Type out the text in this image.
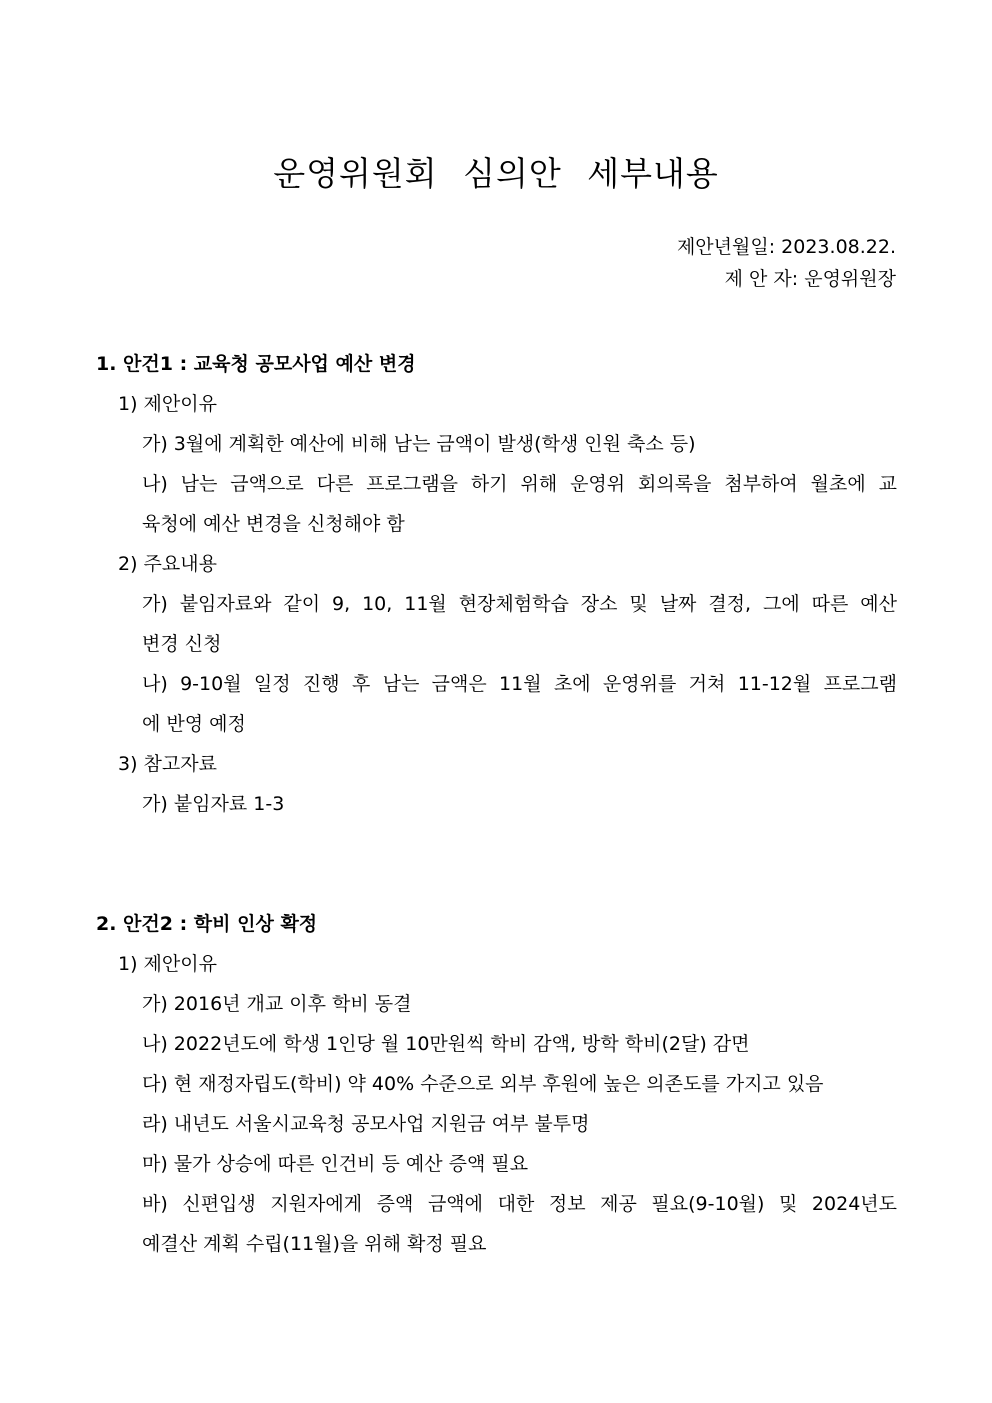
운영위원회 심의안 세부내용
제안년월일: 2023.08.22.
제 안 자: 운영위원장
1. 안건1 : 교육청 공모사업 예산 변경
1) 제안이유
가) 3월에 계획한 예산에 비해 남는 금액이 발생(학생 인원 축소 등)
나) 남는 금액으로 다른 프로그램을 하기 위해 운영위 회의록을 첨부하여 월초에 교
육청에 예산 변경을 신청해야 함
2) 주요내용
가) 붙임자료와 같이 9, 10, 11월 현장체험학습 장소 및 날짜 결정, 그에 따른 예산
변경 신청
나) 9-10월 일정 진행 후 남는 금액은 11월 초에 운영위를 거쳐 11-12월 프로그램
에 반영 예정
3) 참고자료
가) 붙임자료 1-3
2. 안건2 : 학비 인상 확정
1) 제안이유
가) 2016년 개교 이후 학비 동결
나) 2022년도에 학생 1인당 월 10만원씩 학비 감액, 방학 학비(2달) 감면
다) 현 재정자립도(학비) 약 40% 수준으로 외부 후원에 높은 의존도를 가지고 있음
라) 내년도 서울시교육청 공모사업 지원금 여부 불투명
마) 물가 상승에 따른 인건비 등 예산 증액 필요
바) 신편입생 지원자에게 증액 금액에 대한 정보 제공 필요(9-10월) 및 2024년도
예결산 계획 수립(11월)을 위해 확정 필요
